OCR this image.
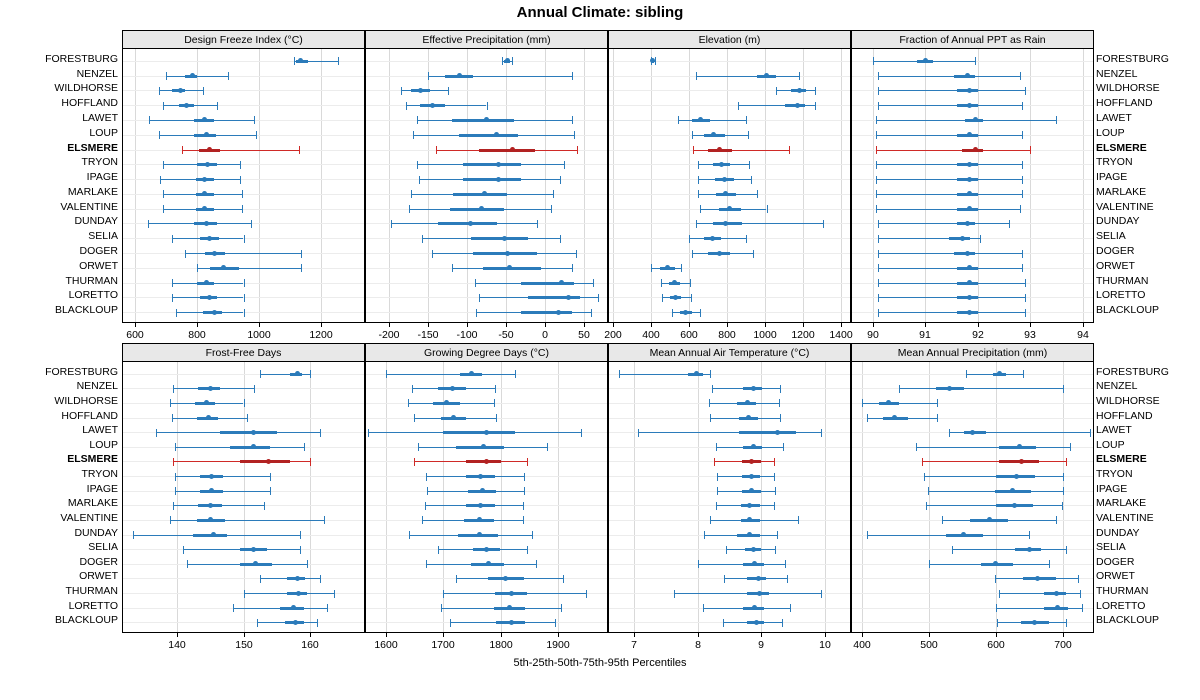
Annual Climate: sibling
FORESTBURG
NENZEL
WILDHORSE
HOFFLAND
LAWET
LOUP
ELSMERE
TRYON
IPAGE
MARLAKE
VALENTINE
DUNDAY
SELIA
DOGER
ORWET
THURMAN
LORETTO
BLACKLOUP
FORESTBURG
NENZEL
WILDHORSE
HOFFLAND
LAWET
LOUP
ELSMERE
TRYON
IPAGE
MARLAKE
VALENTINE
DUNDAY
SELIA
DOGER
ORWET
THURMAN
LORETTO
BLACKLOUP
Design Freeze Index (°C)
600	800	1000	1200
Effective Precipitation (mm)
-200	-150	-100	-50	0	50
Elevation (m)
200	400	600	800	1000	1200	1400
Fraction of Annual PPT as Rain
90	91	92	93	94
FORESTBURG
NENZEL
WILDHORSE
HOFFLAND
LAWET
LOUP
ELSMERE
TRYON
IPAGE
MARLAKE
VALENTINE
DUNDAY
SELIA
DOGER
ORWET
THURMAN
LORETTO
BLACKLOUP
FORESTBURG
NENZEL
WILDHORSE
HOFFLAND
LAWET
LOUP
ELSMERE
TRYON
IPAGE
MARLAKE
VALENTINE
DUNDAY
SELIA
DOGER
ORWET
THURMAN
LORETTO
BLACKLOUP
Frost-Free Days
140	150	160
Growing Degree Days (°C)
1600	1700	1800	1900
Mean Annual Air Temperature (°C)
7	8	9	10
Mean Annual Precipitation (mm)
400	500	600	700
5th-25th-50th-75th-95th Percentiles
